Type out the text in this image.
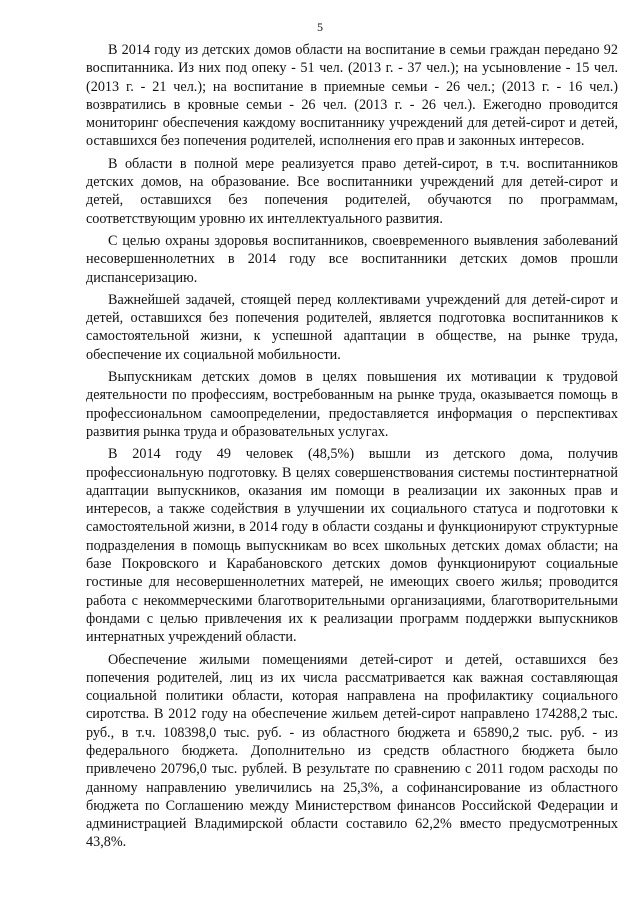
5

В 2014 году из детских домов области на воспитание в семьи граждан передано 92 воспитанника. Из них под опеку - 51 чел. (2013 г. - 37 чел.); на усыновление - 15 чел. (2013 г. - 21 чел.); на воспитание в приемные семьи - 26 чел.; (2013 г. - 16 чел.) возвратились в кровные семьи - 26 чел. (2013 г. - 26 чел.). Ежегодно проводится мониторинг обеспечения каждому воспитаннику учреждений для детей-сирот и детей, оставшихся без попечения родителей, исполнения его прав и законных интересов.

В области в полной мере реализуется право детей-сирот, в т.ч. воспитанников детских домов, на образование. Все воспитанники учреждений для детей-сирот и детей, оставшихся без попечения родителей, обучаются по программам, соответствующим уровню их интеллектуального развития.

С целью охраны здоровья воспитанников, своевременного выявления заболеваний несовершеннолетних в 2014 году все воспитанники детских домов прошли диспансеризацию.

Важнейшей задачей, стоящей перед коллективами учреждений для детей-сирот и детей, оставшихся без попечения родителей, является подготовка воспитанников к самостоятельной жизни, к успешной адаптации в обществе, на рынке труда, обеспечение их социальной мобильности.

Выпускникам детских домов в целях повышения их мотивации к трудовой деятельности по профессиям, востребованным на рынке труда, оказывается помощь в профессиональном самоопределении, предоставляется информация о перспективах развития рынка труда и образовательных услугах.

В 2014 году 49 человек (48,5%) вышли из детского дома, получив профессиональную подготовку. В целях совершенствования системы постинтернатной адаптации выпускников, оказания им помощи в реализации их законных прав и интересов, а также содействия в улучшении их социального статуса и подготовки к самостоятельной жизни, в 2014 году в области созданы и функционируют структурные подразделения в помощь выпускникам во всех школьных детских домах области; на базе Покровского и Карабановского детских домов функционируют социальные гостиные для несовершеннолетних матерей, не имеющих своего жилья; проводится работа с некоммерческими благотворительными организациями, благотворительными фондами с целью привлечения их к реализации программ поддержки выпускников интернатных учреждений области.

Обеспечение жилыми помещениями детей-сирот и детей, оставшихся без попечения родителей, лиц из их числа рассматривается как важная составляющая социальной политики области, которая направлена на профилактику социального сиротства. В 2012 году на обеспечение жильем детей-сирот направлено 174288,2 тыс. руб., в т.ч. 108398,0 тыс. руб. - из областного бюджета и 65890,2 тыс. руб. - из федерального бюджета. Дополнительно из средств областного бюджета было привлечено 20796,0 тыс. рублей. В результате по сравнению с 2011 годом расходы по данному направлению увеличились на 25,3%, а софинансирование из областного бюджета по Соглашению между Министерством финансов Российской Федерации и администрацией Владимирской области составило 62,2% вместо предусмотренных 43,8%.
